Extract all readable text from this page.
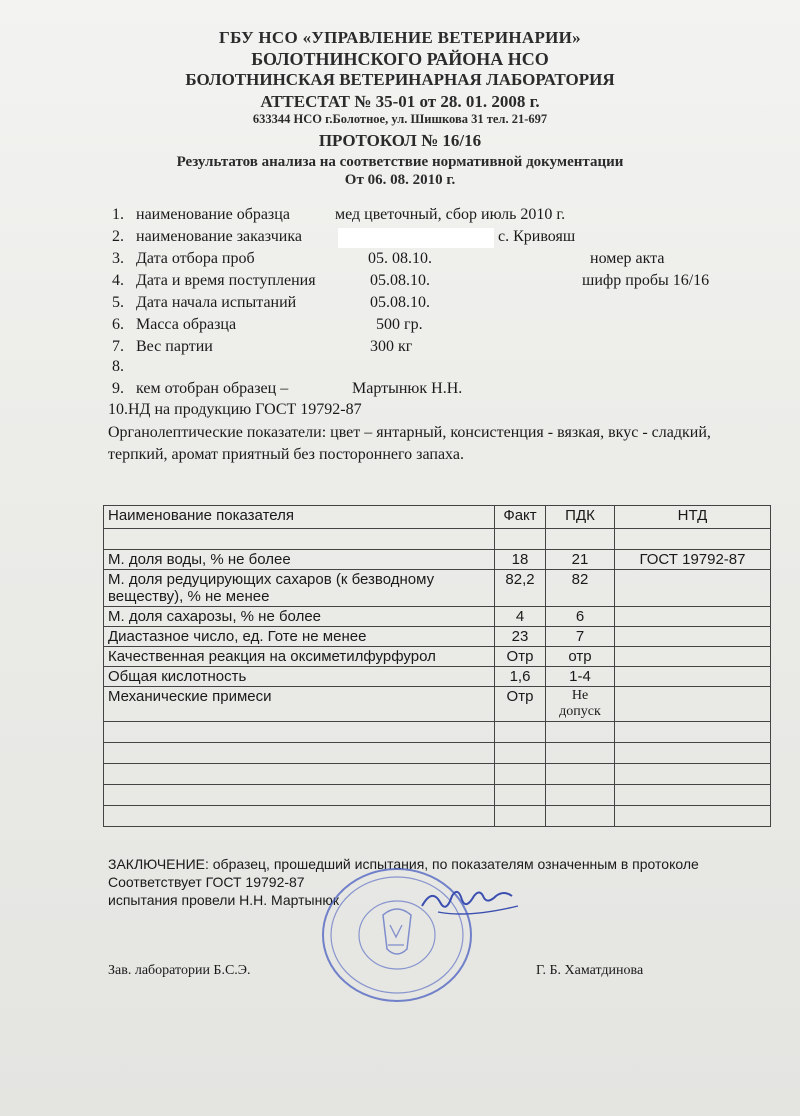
ГБУ НСО «УПРАВЛЕНИЕ ВЕТЕРИНАРИИ»
БОЛОТНИНСКОГО РАЙОНА НСО
БОЛОТНИНСКАЯ ВЕТЕРИНАРНАЯ ЛАБОРАТОРИЯ
АТТЕСТАТ № 35-01 от 28. 01. 2008 г.
633344 НСО г.Болотное, ул. Шишкова 31 тел. 21-697
ПРОТОКОЛ № 16/16
Результатов анализа на соответствие нормативной документации
От 06. 08. 2010 г.
1. наименование образца	мед цветочный, сбор июль 2010 г.
2. наименование заказчика	с. Кривояш
3. Дата отбора проб	05. 08.10.	номер акта
4. Дата и время поступления	05.08.10.	шифр пробы 16/16
5. Дата начала испытаний	05.08.10.
6. Масса образца	500 гр.
7. Вес партии	300 кг
8.
9. кем отобран образец –	Мартынюк Н.Н.
10.НД на продукцию ГОСТ 19792-87
Органолептические показатели: цвет – янтарный, консистенция - вязкая, вкус - сладкий, терпкий, аромат приятный без постороннего запаха.
Наименование показателя	Факт	ПДК	НТД

М. доля воды, % не более	18	21	ГОСТ 19792-87
М. доля редуцирующих сахаров (к безводному веществу), % не менее	82,2	82	
М. доля сахарозы, % не более	4	6	
Диастазное число, ед. Готе не менее	23	7	
Качественная реакция на оксиметилфурфурол	Отр	отр	
Общая кислотность	1,6	1-4	
Механические примеси	Отр	Не допуск	

ЗАКЛЮЧЕНИЕ: образец, прошедший испытания, по показателям означенным в протоколе
Соответствует ГОСТ 19792-87
испытания провели Н.Н. Мартынюк
Зав. лаборатории Б.С.Э.	Г. Б. Хаматдинова
